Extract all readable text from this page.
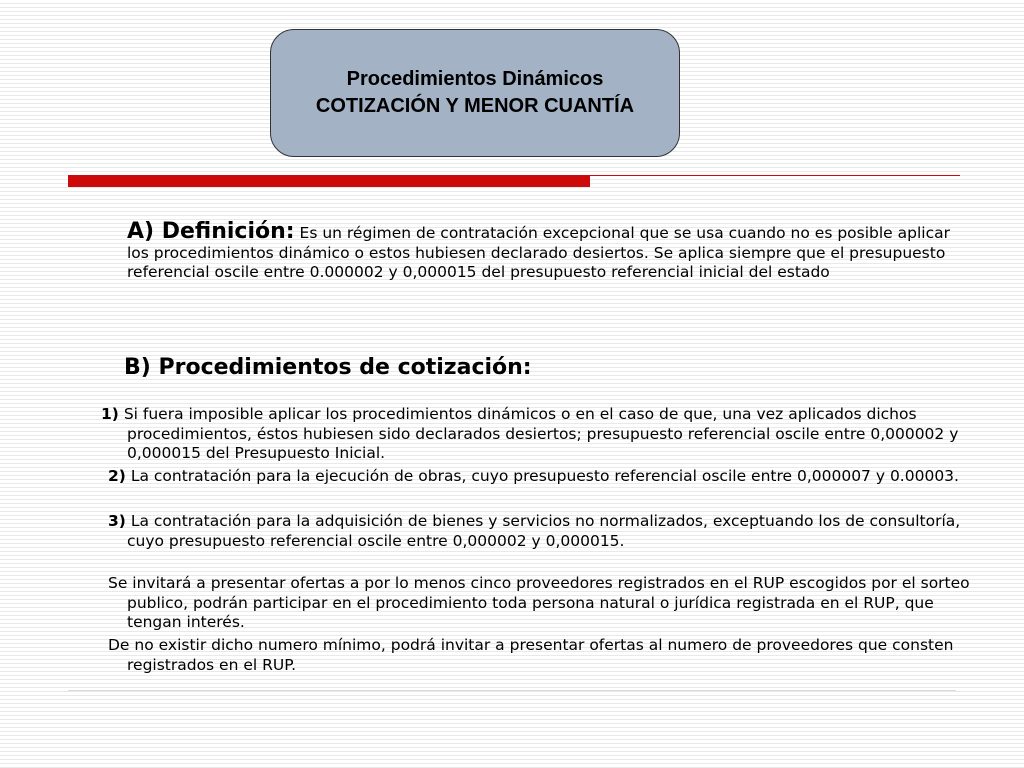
Procedimientos Dinámicos
COTIZACIÓN Y MENOR CUANTÍA
A) Definición: Es un régimen de contratación excepcional que se usa cuando no es posible aplicar los procedimientos dinámico o estos hubiesen declarado desiertos. Se aplica siempre que el presupuesto referencial oscile entre 0.000002 y 0,000015 del presupuesto referencial inicial del estado
B) Procedimientos de cotización:
1) Si fuera imposible aplicar los procedimientos dinámicos o en el caso de que, una vez aplicados dichos procedimientos, éstos hubiesen sido declarados desiertos; presupuesto referencial oscile entre 0,000002 y 0,000015 del Presupuesto Inicial.
2) La contratación para la ejecución de obras, cuyo presupuesto referencial oscile entre 0,000007 y 0.00003.
3) La contratación para la adquisición de bienes y servicios no normalizados, exceptuando los de consultoría, cuyo presupuesto referencial oscile entre 0,000002 y 0,000015.
Se invitará a presentar ofertas a por lo menos cinco proveedores registrados en el RUP escogidos por el sorteo publico, podrán participar en el procedimiento toda persona natural o jurídica registrada en el RUP, que tengan interés.
De no existir dicho numero mínimo, podrá invitar a presentar ofertas al numero de proveedores que consten registrados en el RUP.
